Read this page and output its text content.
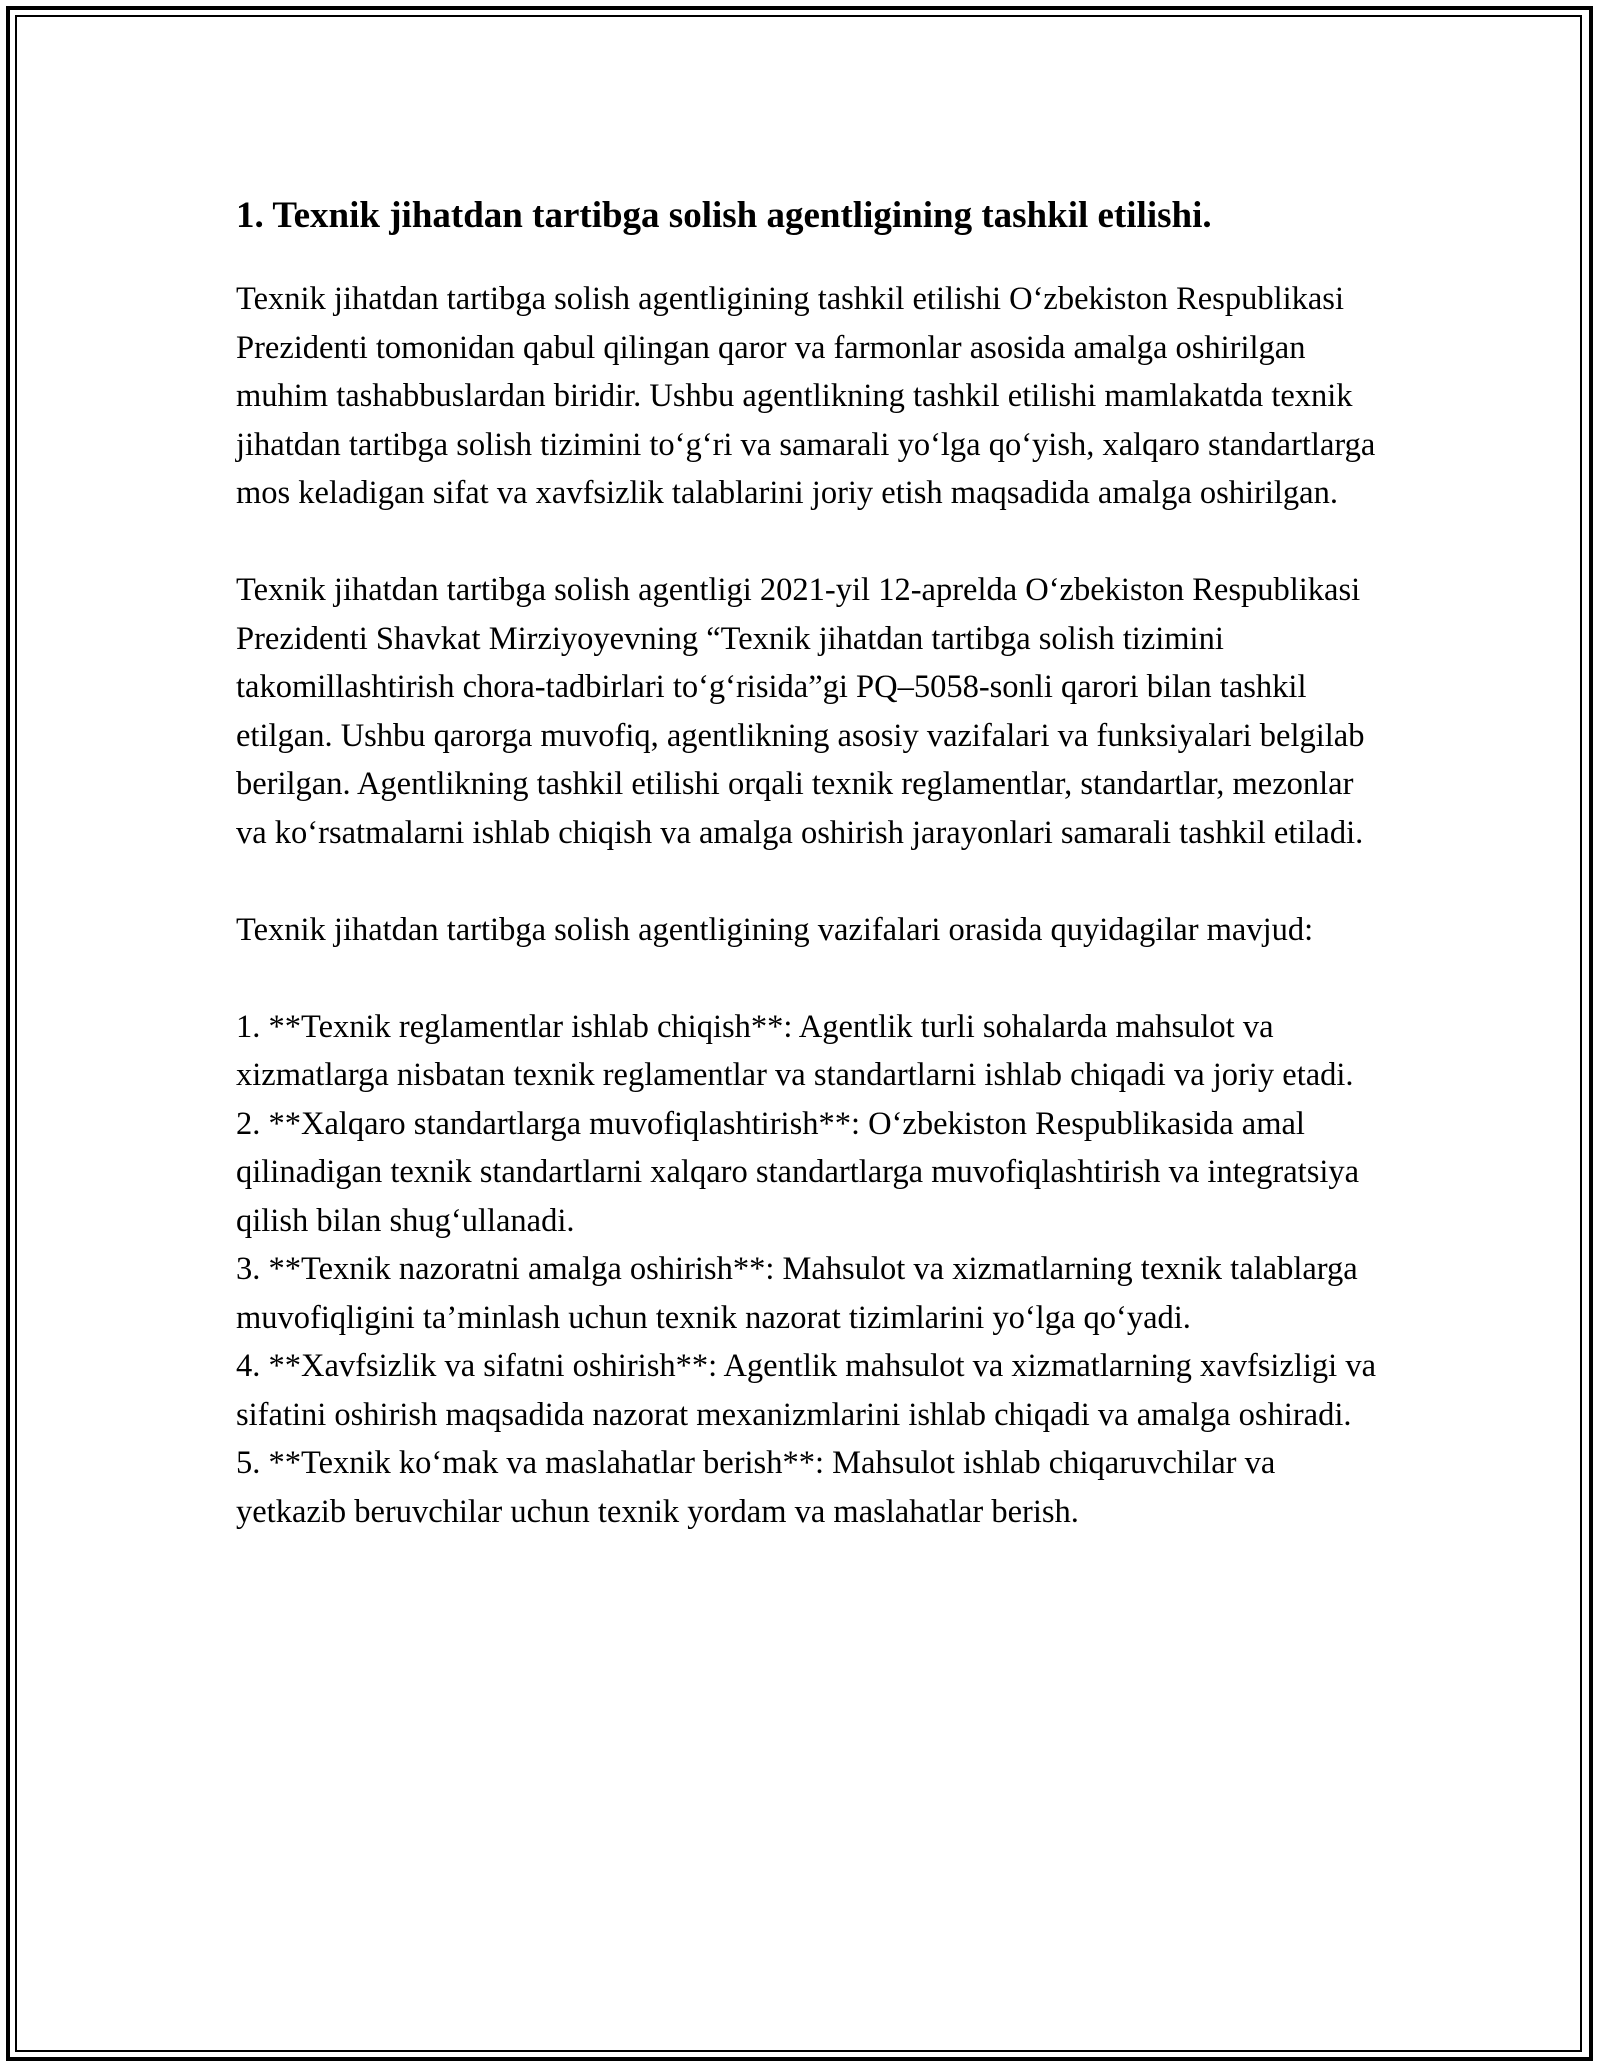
1. Texnik jihatdan tartibga solish agentligining tashkil etilishi.

Texnik jihatdan tartibga solish agentligining tashkil etilishi O‘zbekiston Respublikasi Prezidenti tomonidan qabul qilingan qaror va farmonlar asosida amalga oshirilgan muhim tashabbuslardan biridir. Ushbu agentlikning tashkil etilishi mamlakatda texnik jihatdan tartibga solish tizimini to‘g‘ri va samarali yo‘lga qo‘yish, xalqaro standartlarga mos keladigan sifat va xavfsizlik talablarini joriy etish maqsadida amalga oshirilgan.

Texnik jihatdan tartibga solish agentligi 2021-yil 12-aprelda O‘zbekiston Respublikasi Prezidenti Shavkat Mirziyoyevning “Texnik jihatdan tartibga solish tizimini takomillashtirish chora-tadbirlari to‘g‘risida”gi PQ–5058-sonli qarori bilan tashkil etilgan. Ushbu qarorga muvofiq, agentlikning asosiy vazifalari va funksiyalari belgilab berilgan. Agentlikning tashkil etilishi orqali texnik reglamentlar, standartlar, mezonlar va ko‘rsatmalarni ishlab chiqish va amalga oshirish jarayonlari samarali tashkil etiladi.

Texnik jihatdan tartibga solish agentligining vazifalari orasida quyidagilar mavjud:

1. **Texnik reglamentlar ishlab chiqish**: Agentlik turli sohalarda mahsulot va xizmatlarga nisbatan texnik reglamentlar va standartlarni ishlab chiqadi va joriy etadi.
2. **Xalqaro standartlarga muvofiqlashtirish**: O‘zbekiston Respublikasida amal qilinadigan texnik standartlarni xalqaro standartlarga muvofiqlashtirish va integratsiya qilish bilan shug‘ullanadi.
3. **Texnik nazoratni amalga oshirish**: Mahsulot va xizmatlarning texnik talablarga muvofiqligini ta’minlash uchun texnik nazorat tizimlarini yo‘lga qo‘yadi.
4. **Xavfsizlik va sifatni oshirish**: Agentlik mahsulot va xizmatlarning xavfsizligi va sifatini oshirish maqsadida nazorat mexanizmlarini ishlab chiqadi va amalga oshiradi.
5. **Texnik ko‘mak va maslahatlar berish**: Mahsulot ishlab chiqaruvchilar va yetkazib beruvchilar uchun texnik yordam va maslahatlar berish.
